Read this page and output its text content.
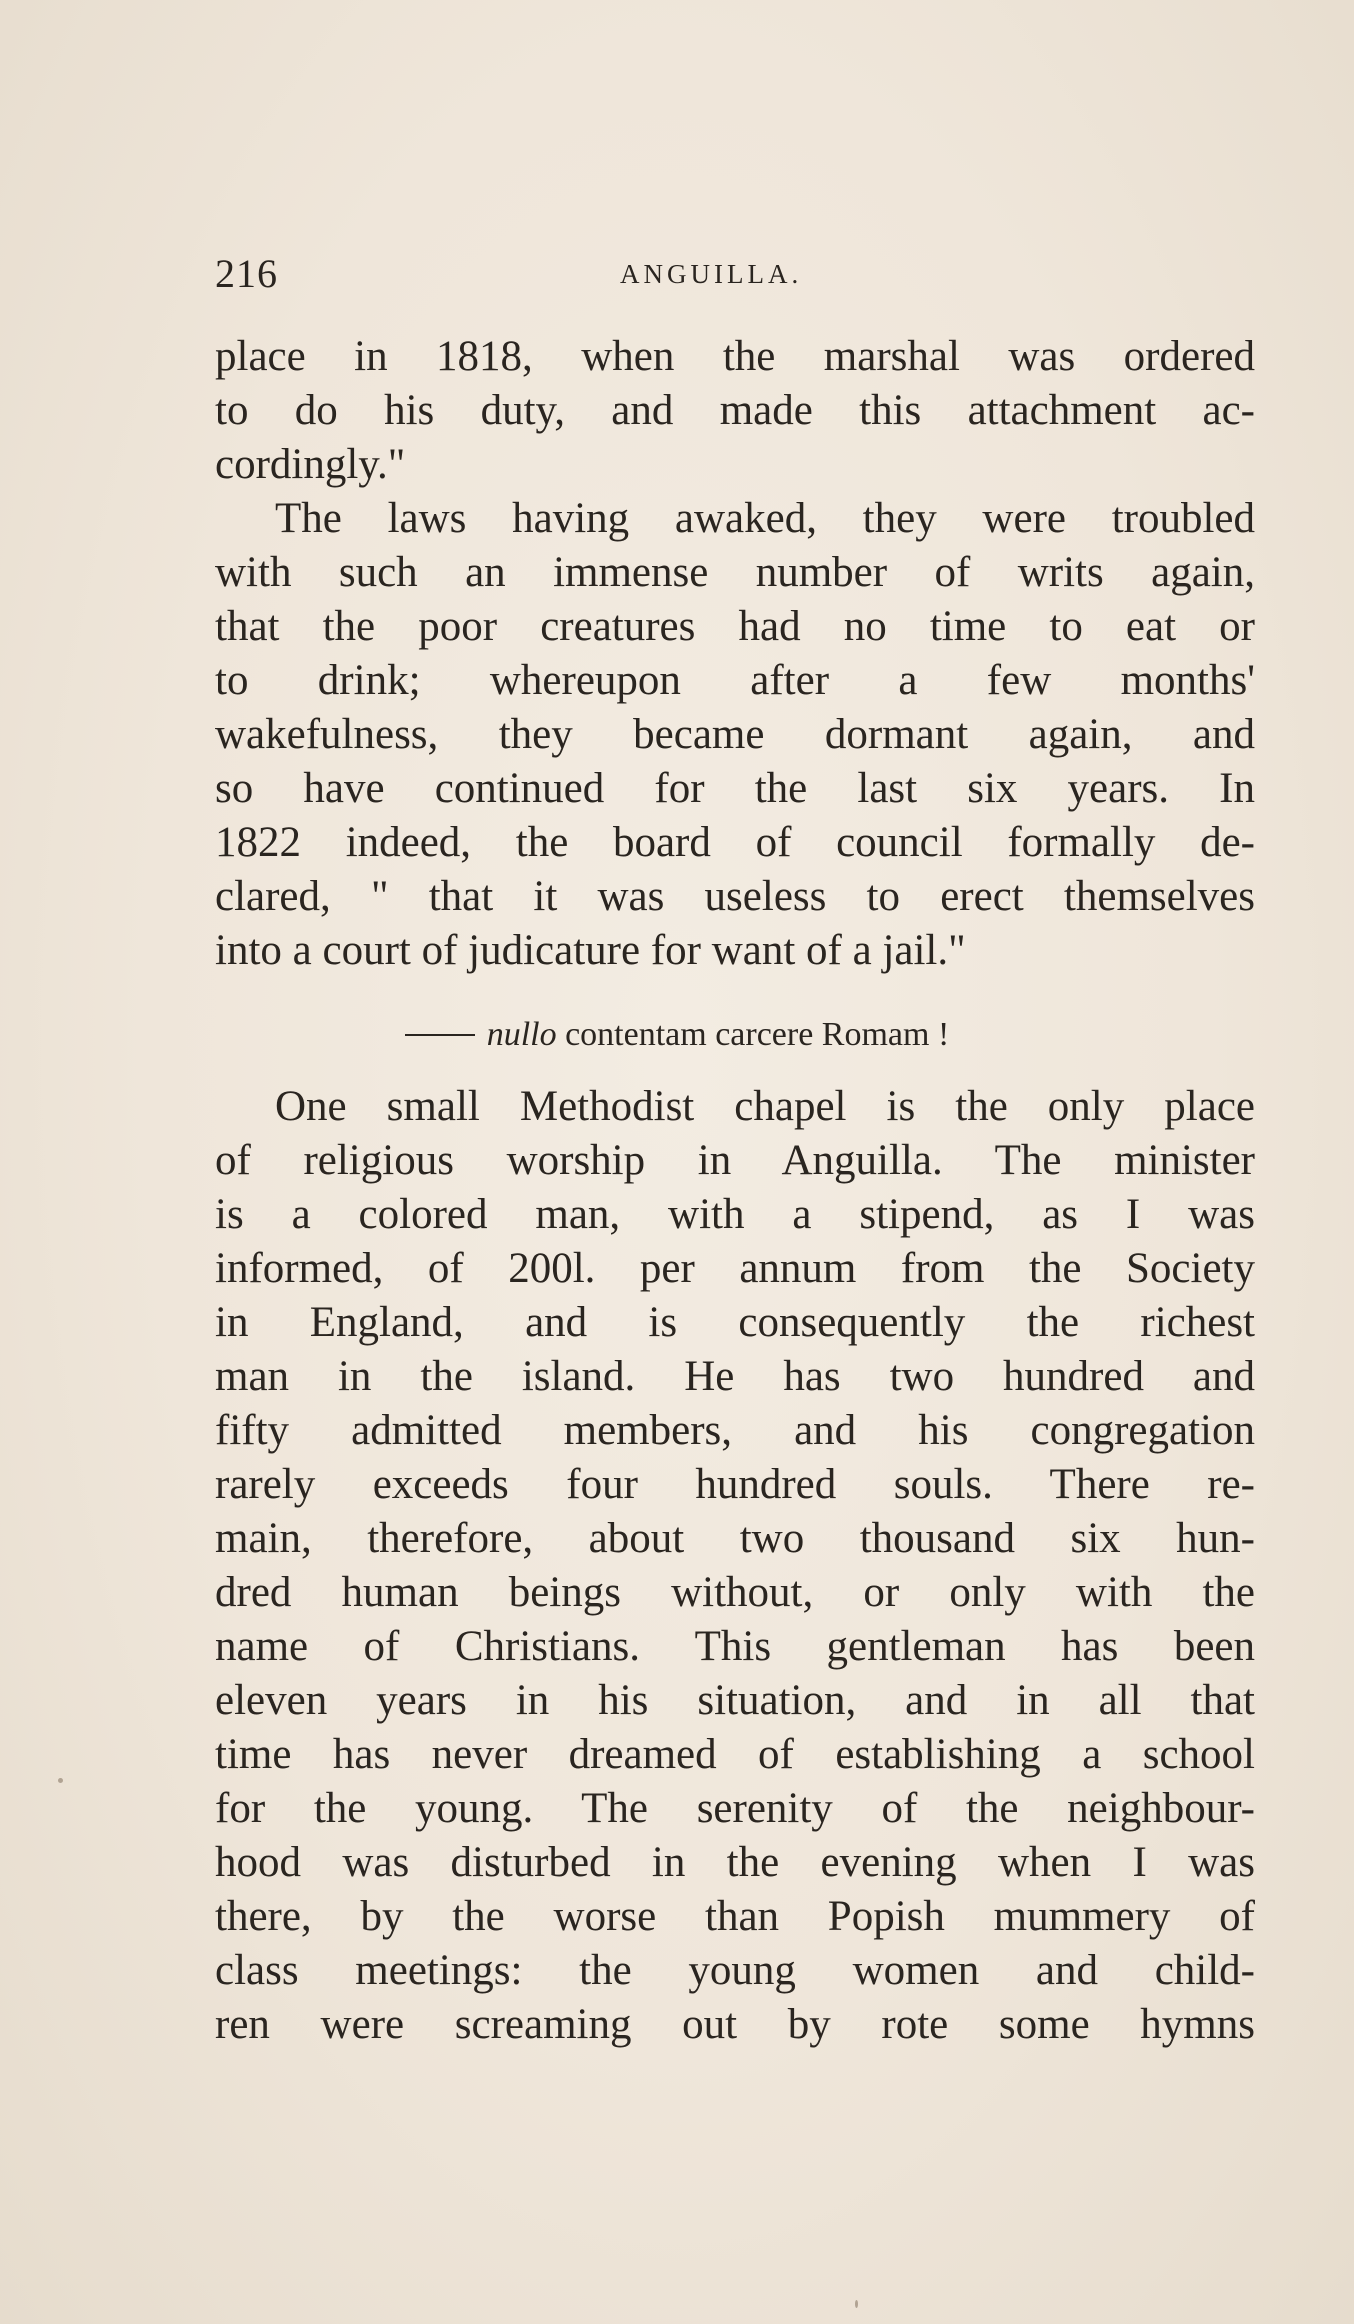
216	ANGUILLA.
place in 1818, when the marshal was ordered
to do his duty, and made this attachment ac-
cordingly."
The laws having awaked, they were troubled
with such an immense number of writs again,
that the poor creatures had no time to eat or
to drink; whereupon after a few months'
wakefulness, they became dormant again, and
so have continued for the last six years. In
1822 indeed, the board of council formally de-
clared, " that it was useless to erect themselves
into a court of judicature for want of a jail."
nullo contentam carcere Romam !
One small Methodist chapel is the only place
of religious worship in Anguilla. The minister
is a colored man, with a stipend, as I was
informed, of 200l. per annum from the Society
in England, and is consequently the richest
man in the island. He has two hundred and
fifty admitted members, and his congregation
rarely exceeds four hundred souls. There re-
main, therefore, about two thousand six hun-
dred human beings without, or only with the
name of Christians. This gentleman has been
eleven years in his situation, and in all that
time has never dreamed of establishing a school
for the young. The serenity of the neighbour-
hood was disturbed in the evening when I was
there, by the worse than Popish mummery of
class meetings: the young women and child-
ren were screaming out by rote some hymns
